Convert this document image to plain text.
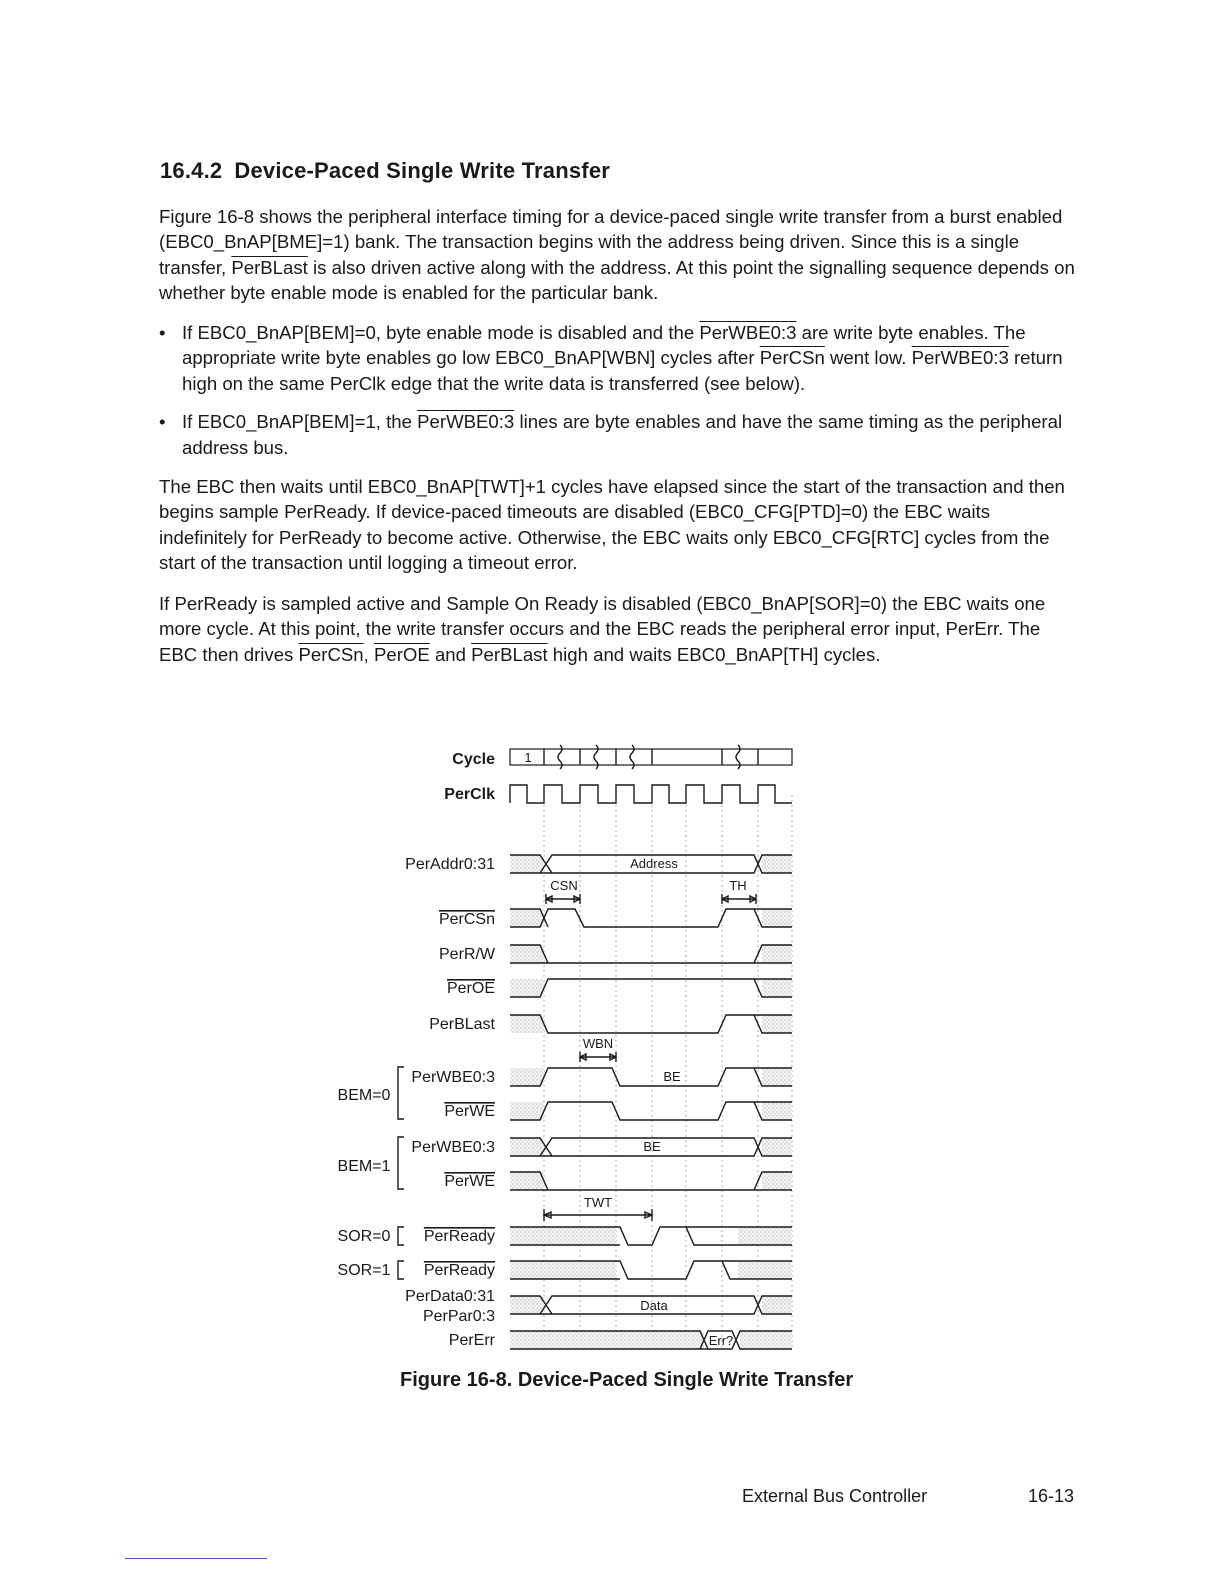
16.4.2 Device-Paced Single Write Transfer

Figure 16-8 shows the peripheral interface timing for a device-paced single write transfer from a burst enabled (EBC0_BnAP[BME]=1) bank. The transaction begins with the address being driven. Since this is a single transfer, PerBLast is also driven active along with the address. At this point the signalling sequence depends on whether byte enable mode is enabled for the particular bank.

• If EBC0_BnAP[BEM]=0, byte enable mode is disabled and the PerWBE0:3 are write byte enables. The appropriate write byte enables go low EBC0_BnAP[WBN] cycles after PerCSn went low. PerWBE0:3 return high on the same PerClk edge that the write data is transferred (see below).
• If EBC0_BnAP[BEM]=1, the PerWBE0:3 lines are byte enables and have the same timing as the peripheral address bus.

The EBC then waits until EBC0_BnAP[TWT]+1 cycles have elapsed since the start of the transaction and then begins sample PerReady. If device-paced timeouts are disabled (EBC0_CFG[PTD]=0) the EBC waits indefinitely for PerReady to become active. Otherwise, the EBC waits only EBC0_CFG[RTC] cycles from the start of the transaction until logging a timeout error.

If PerReady is sampled active and Sample On Ready is disabled (EBC0_BnAP[SOR]=0) the EBC waits one more cycle. At this point, the write transfer occurs and the EBC reads the peripheral error input, PerErr. The EBC then drives PerCSn, PerOE and PerBLast high and waits EBC0_BnAP[TH] cycles.

Cycle 1
PerClk
PerAddr0:31	Address
CSN	TH
PerCSn
PerR/W
PerOE
PerBLast
WBN
BEM=0
PerWBE0:3	BE
PerWE
BEM=1
PerWBE0:3	BE
PerWE
TWT
SOR=0 PerReady
SOR=1 PerReady
PerData0:31
PerPar0:3
Data
PerErr	Err?

Figure 16-8. Device-Paced Single Write Transfer

External Bus Controller	16-13
